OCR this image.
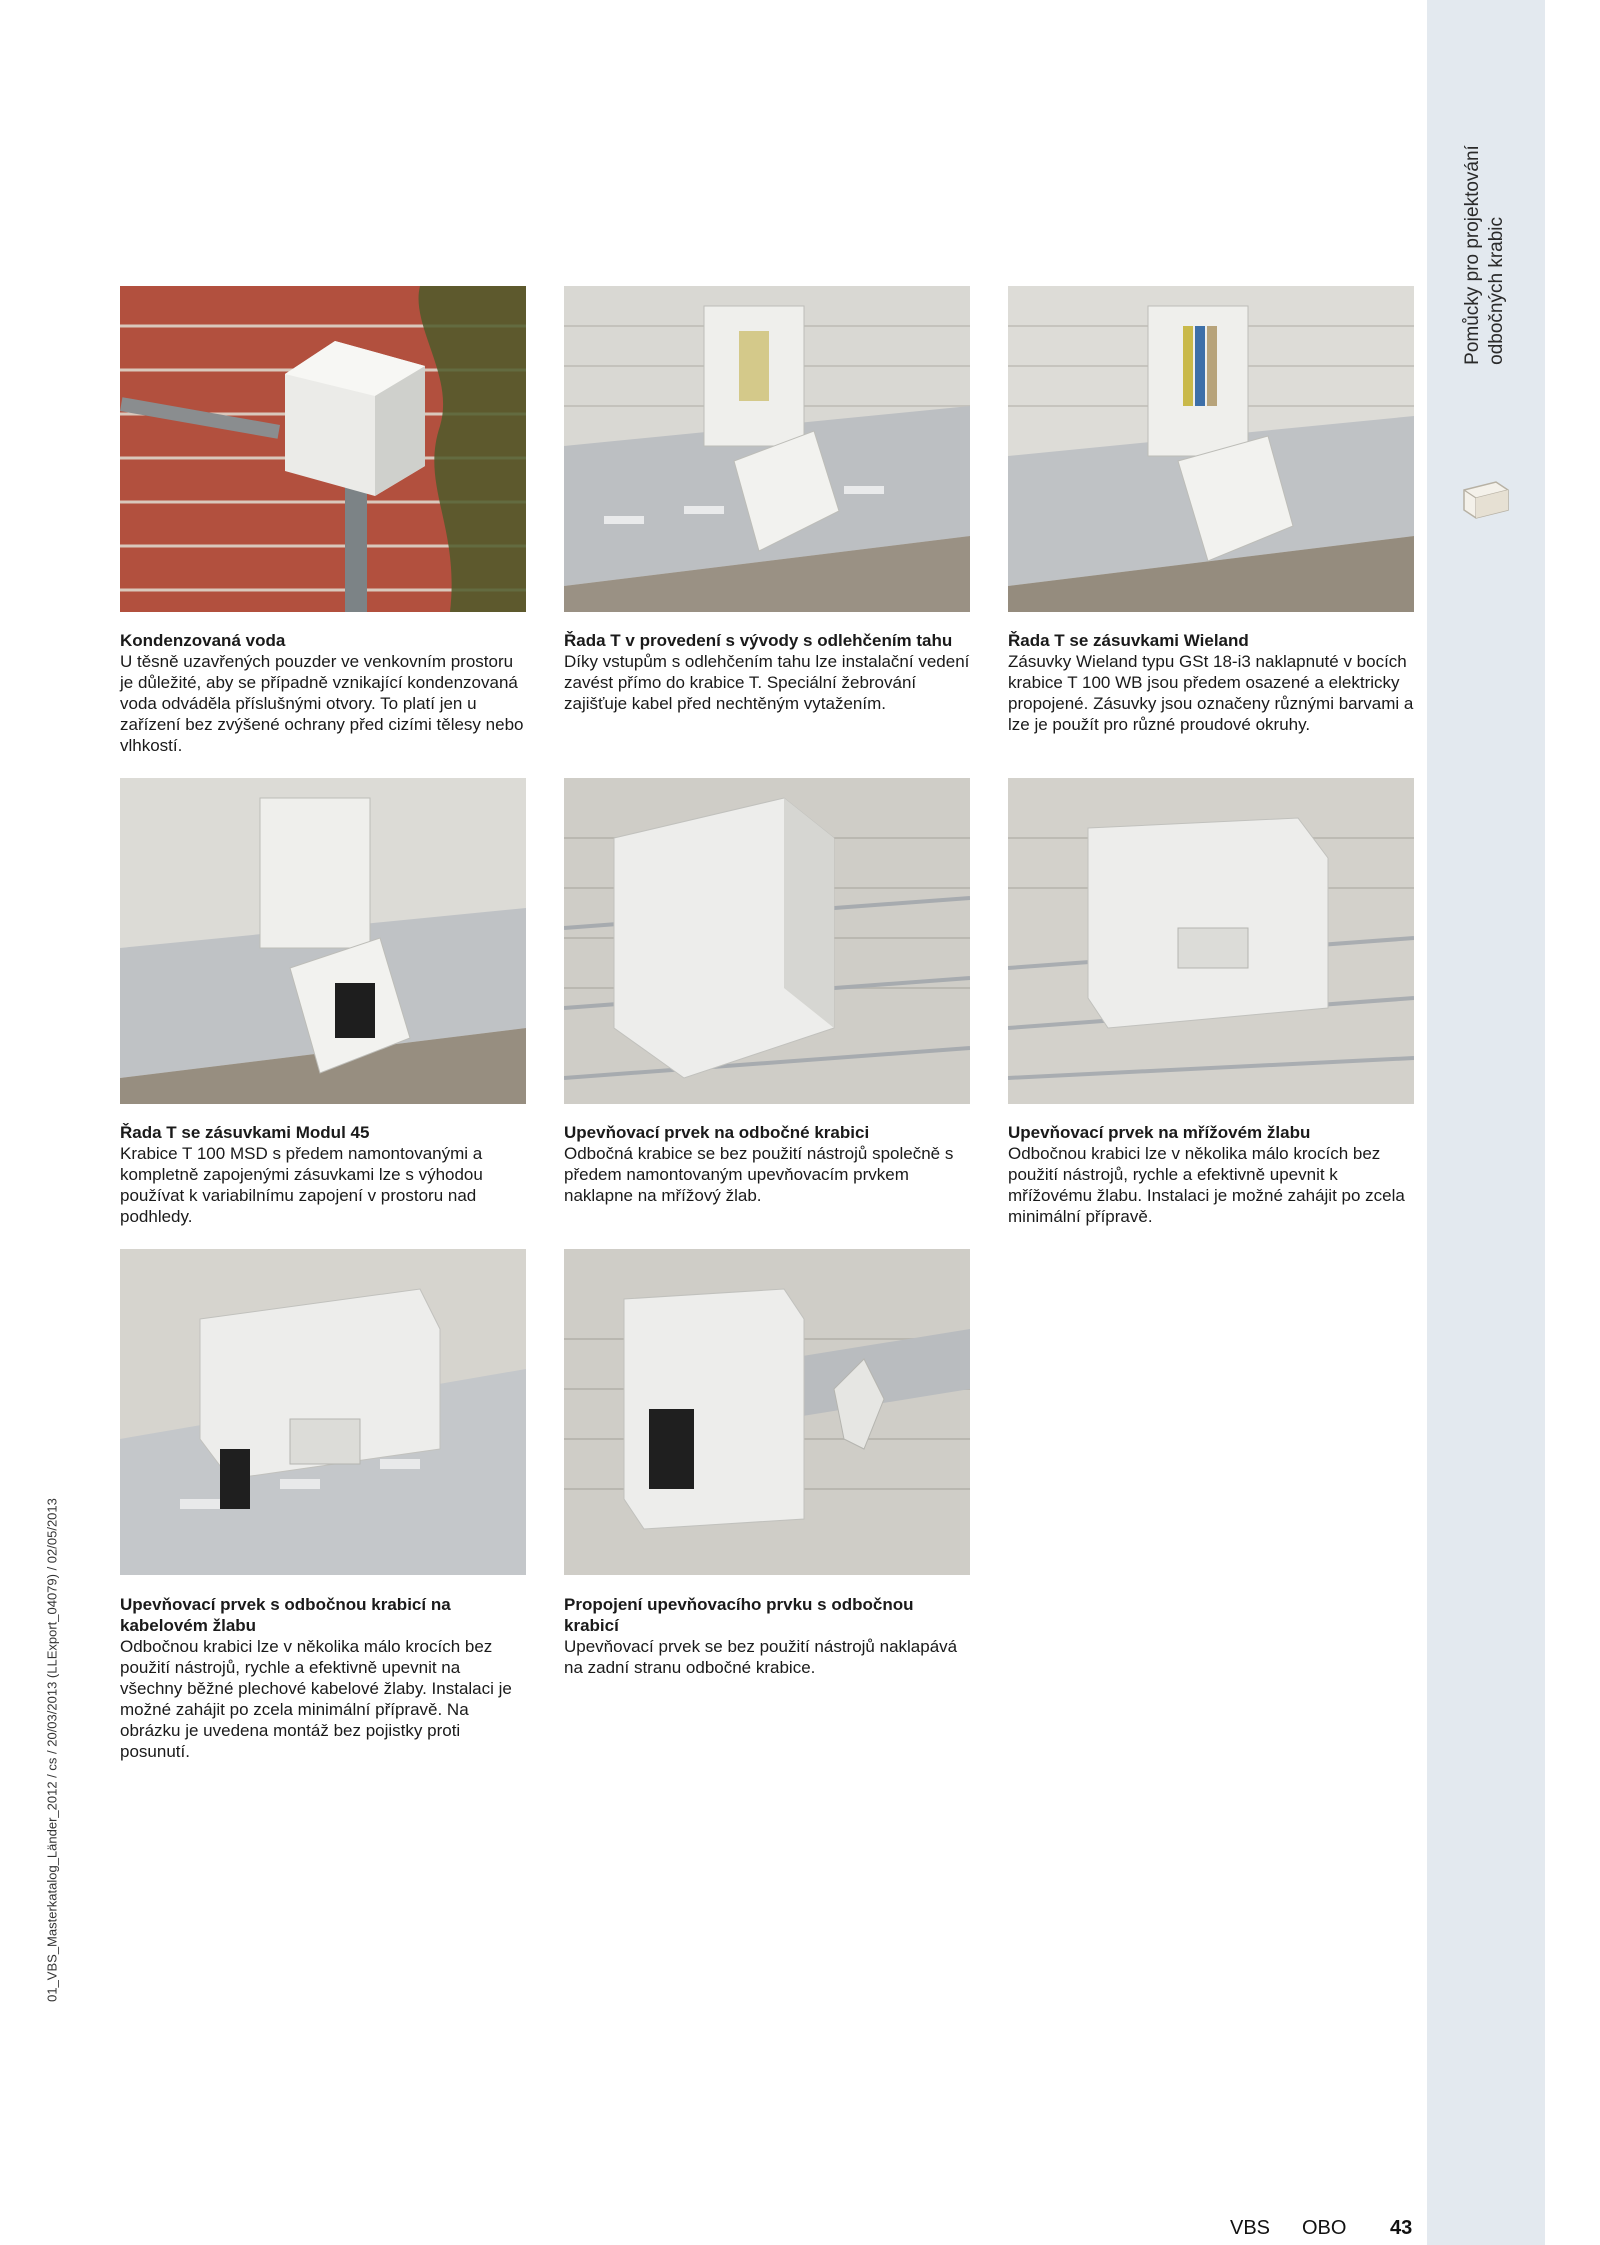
Pomůcky pro projektování odbočných krabic
01_VBS_Masterkatalog_Länder_2012 / cs / 20/03/2013 (LLExport_04079) / 02/05/2013
Kondenzovaná voda
U těsně uzavřených pouzder ve venkovním prostoru je důležité, aby se případně vznikající kondenzovaná voda odváděla příslušnými otvory. To platí jen u zařízení bez zvýšené ochrany před cizími tělesy nebo vlhkostí.
Řada T v provedení s vývody s odlehčením tahu
Díky vstupům s odlehčením tahu lze instalační vedení zavést přímo do krabice T. Speciální žebrování zajišťuje kabel před nechtěným vytažením.
Řada T se zásuvkami Wieland
Zásuvky Wieland typu GSt 18-i3 naklapnuté v bocích krabice T 100 WB jsou předem osazené a elektricky propojené. Zásuvky jsou označeny různými barvami a lze je použít pro různé proudové okruhy.
Řada T se zásuvkami Modul 45
Krabice T 100 MSD s předem namontovanými a kompletně zapojenými zásuvkami lze s výhodou používat k variabilnímu zapojení v prostoru nad podhledy.
Upevňovací prvek na odbočné krabici
Odbočná krabice se bez použití nástrojů společně s předem namontovaným upevňovacím prvkem naklapne na mřížový žlab.
Upevňovací prvek na mřížovém žlabu
Odbočnou krabici lze v několika málo krocích bez použití nástrojů, rychle a efektivně upevnit k mřížovému žlabu. Instalaci je možné zahájit po zcela minimální přípravě.
Upevňovací prvek s odbočnou krabicí na kabelovém žlabu
Odbočnou krabici lze v několika málo krocích bez použití nástrojů, rychle a efektivně upevnit na všechny běžné plechové kabelové žlaby. Instalaci je možné zahájit po zcela minimální přípravě. Na obrázku je uvedena montáž bez pojistky proti posunutí.
Propojení upevňovacího prvku s odbočnou krabicí
Upevňovací prvek se bez použití nástrojů naklapává na zadní stranu odbočné krabice.
VBS OBO 43
